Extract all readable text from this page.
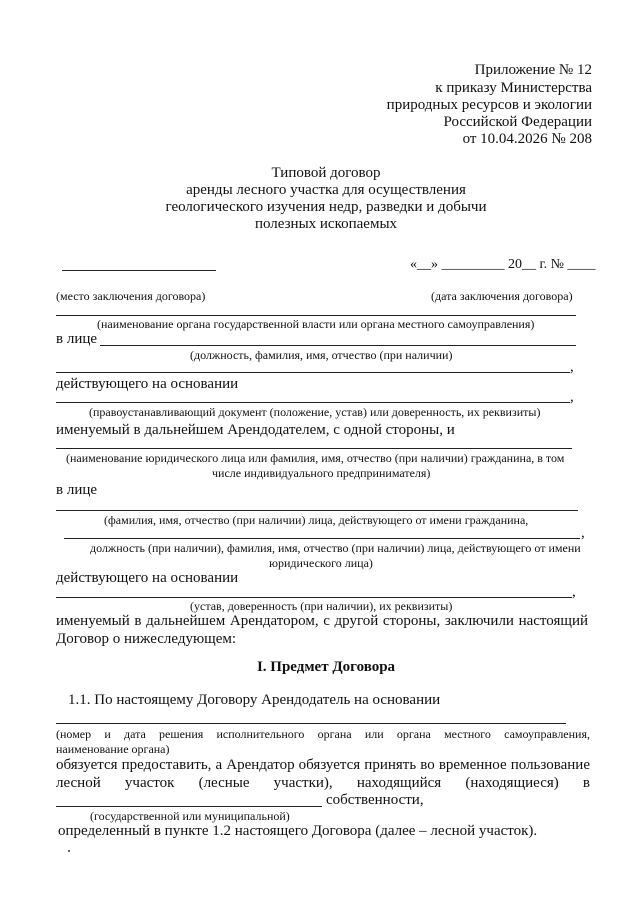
Приложение № 12
к приказу Министерства
природных ресурсов и экологии
Российской Федерации
от 10.04.2026 № 208
Типовой договор
аренды лесного участка для осуществления
геологического изучения недр, разведки и добычи
полезных ископаемых
«__» _________ 20__ г. № ____
(место заключения договора)	(дата заключения договора)
(наименование органа государственной власти или органа местного самоуправления)
в лице
(должность, фамилия, имя, отчество (при наличии)
,
действующего на основании
,
(правоустанавливающий документ (положение, устав) или доверенность, их реквизиты)
именуемый в дальнейшем Арендодателем, с одной стороны, и
(наименование юридического лица или фамилия, имя, отчество (при наличии) гражданина, в том
числе индивидуального предпринимателя)
в лице
(фамилия, имя, отчество (при наличии) лица, действующего от имени гражданина,
,
должность (при наличии), фамилия, имя, отчество (при наличии) лица, действующего от имени
юридического лица)
действующего на основании
,
(устав, доверенность (при наличии), их реквизиты)
именуемый в дальнейшем Арендатором, с другой стороны, заключили настоящий
Договор о нижеследующем:
I. Предмет Договора
1.1. По настоящему Договору Арендодатель на основании
(номер и дата решения исполнительного органа или органа местного самоуправления,
наименование органа)
обязуется предоставить, а Арендатор обязуется принять во временное пользование
лесной участок (лесные участки), находящийся (находящиеся) в
собственности,
(государственной или муниципальной)
определенный в пункте 1.2 настоящего Договора (далее – лесной участок).
